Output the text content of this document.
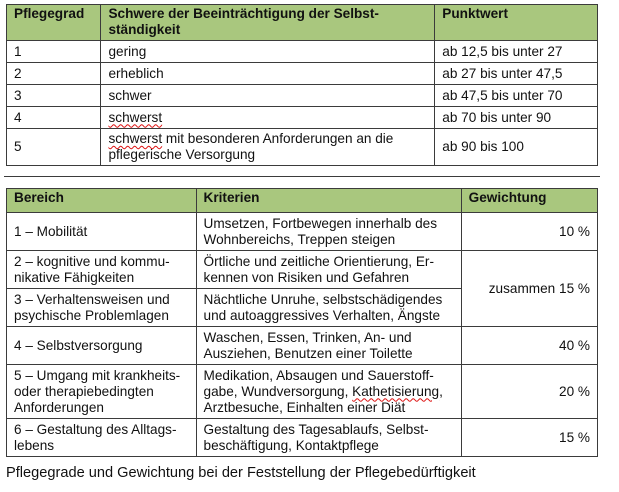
Pflegegrad	Schwere der Beeinträchtigung der Selbst-ständigkeit	Punktwert
1	gering	ab 12,5 bis unter 27
2	erheblich	ab 27 bis unter 47,5
3	schwer	ab 47,5 bis unter 70
4	schwerst	ab 70 bis unter 90
5	schwerst mit besonderen Anforderungen an die pflegerische Versorgung	ab 90 bis 100
Bereich	Kriterien	Gewichtung
1 – Mobilität	Umsetzen, Fortbewegen innerhalb des Wohnbereichs, Treppen steigen	10 %
2 – kognitive und kommu-nikative Fähigkeiten	Örtliche und zeitliche Orientierung, Er-kennen von Risiken und Gefahren	zusammen 15 %
3 – Verhaltensweisen und psychische Problemlagen	Nächtliche Unruhe, selbstschädigendes und autoaggressives Verhalten, Ängste	
4 – Selbstversorgung	Waschen, Essen, Trinken, An- und Ausziehen, Benutzen einer Toilette	40 %
5 – Umgang mit krankheits-oder therapiebedingten Anforderungen	Medikation, Absaugen und Sauerstoff-gabe, Wundversorgung, Kathetisierung, Arztbesuche, Einhalten einer Diät	20 %
6 – Gestaltung des Alltags-lebens	Gestaltung des Tagesablaufs, Selbst-beschäftigung, Kontaktpflege	15 %
Pflegegrade und Gewichtung bei der Feststellung der Pflegebedürftigkeit
